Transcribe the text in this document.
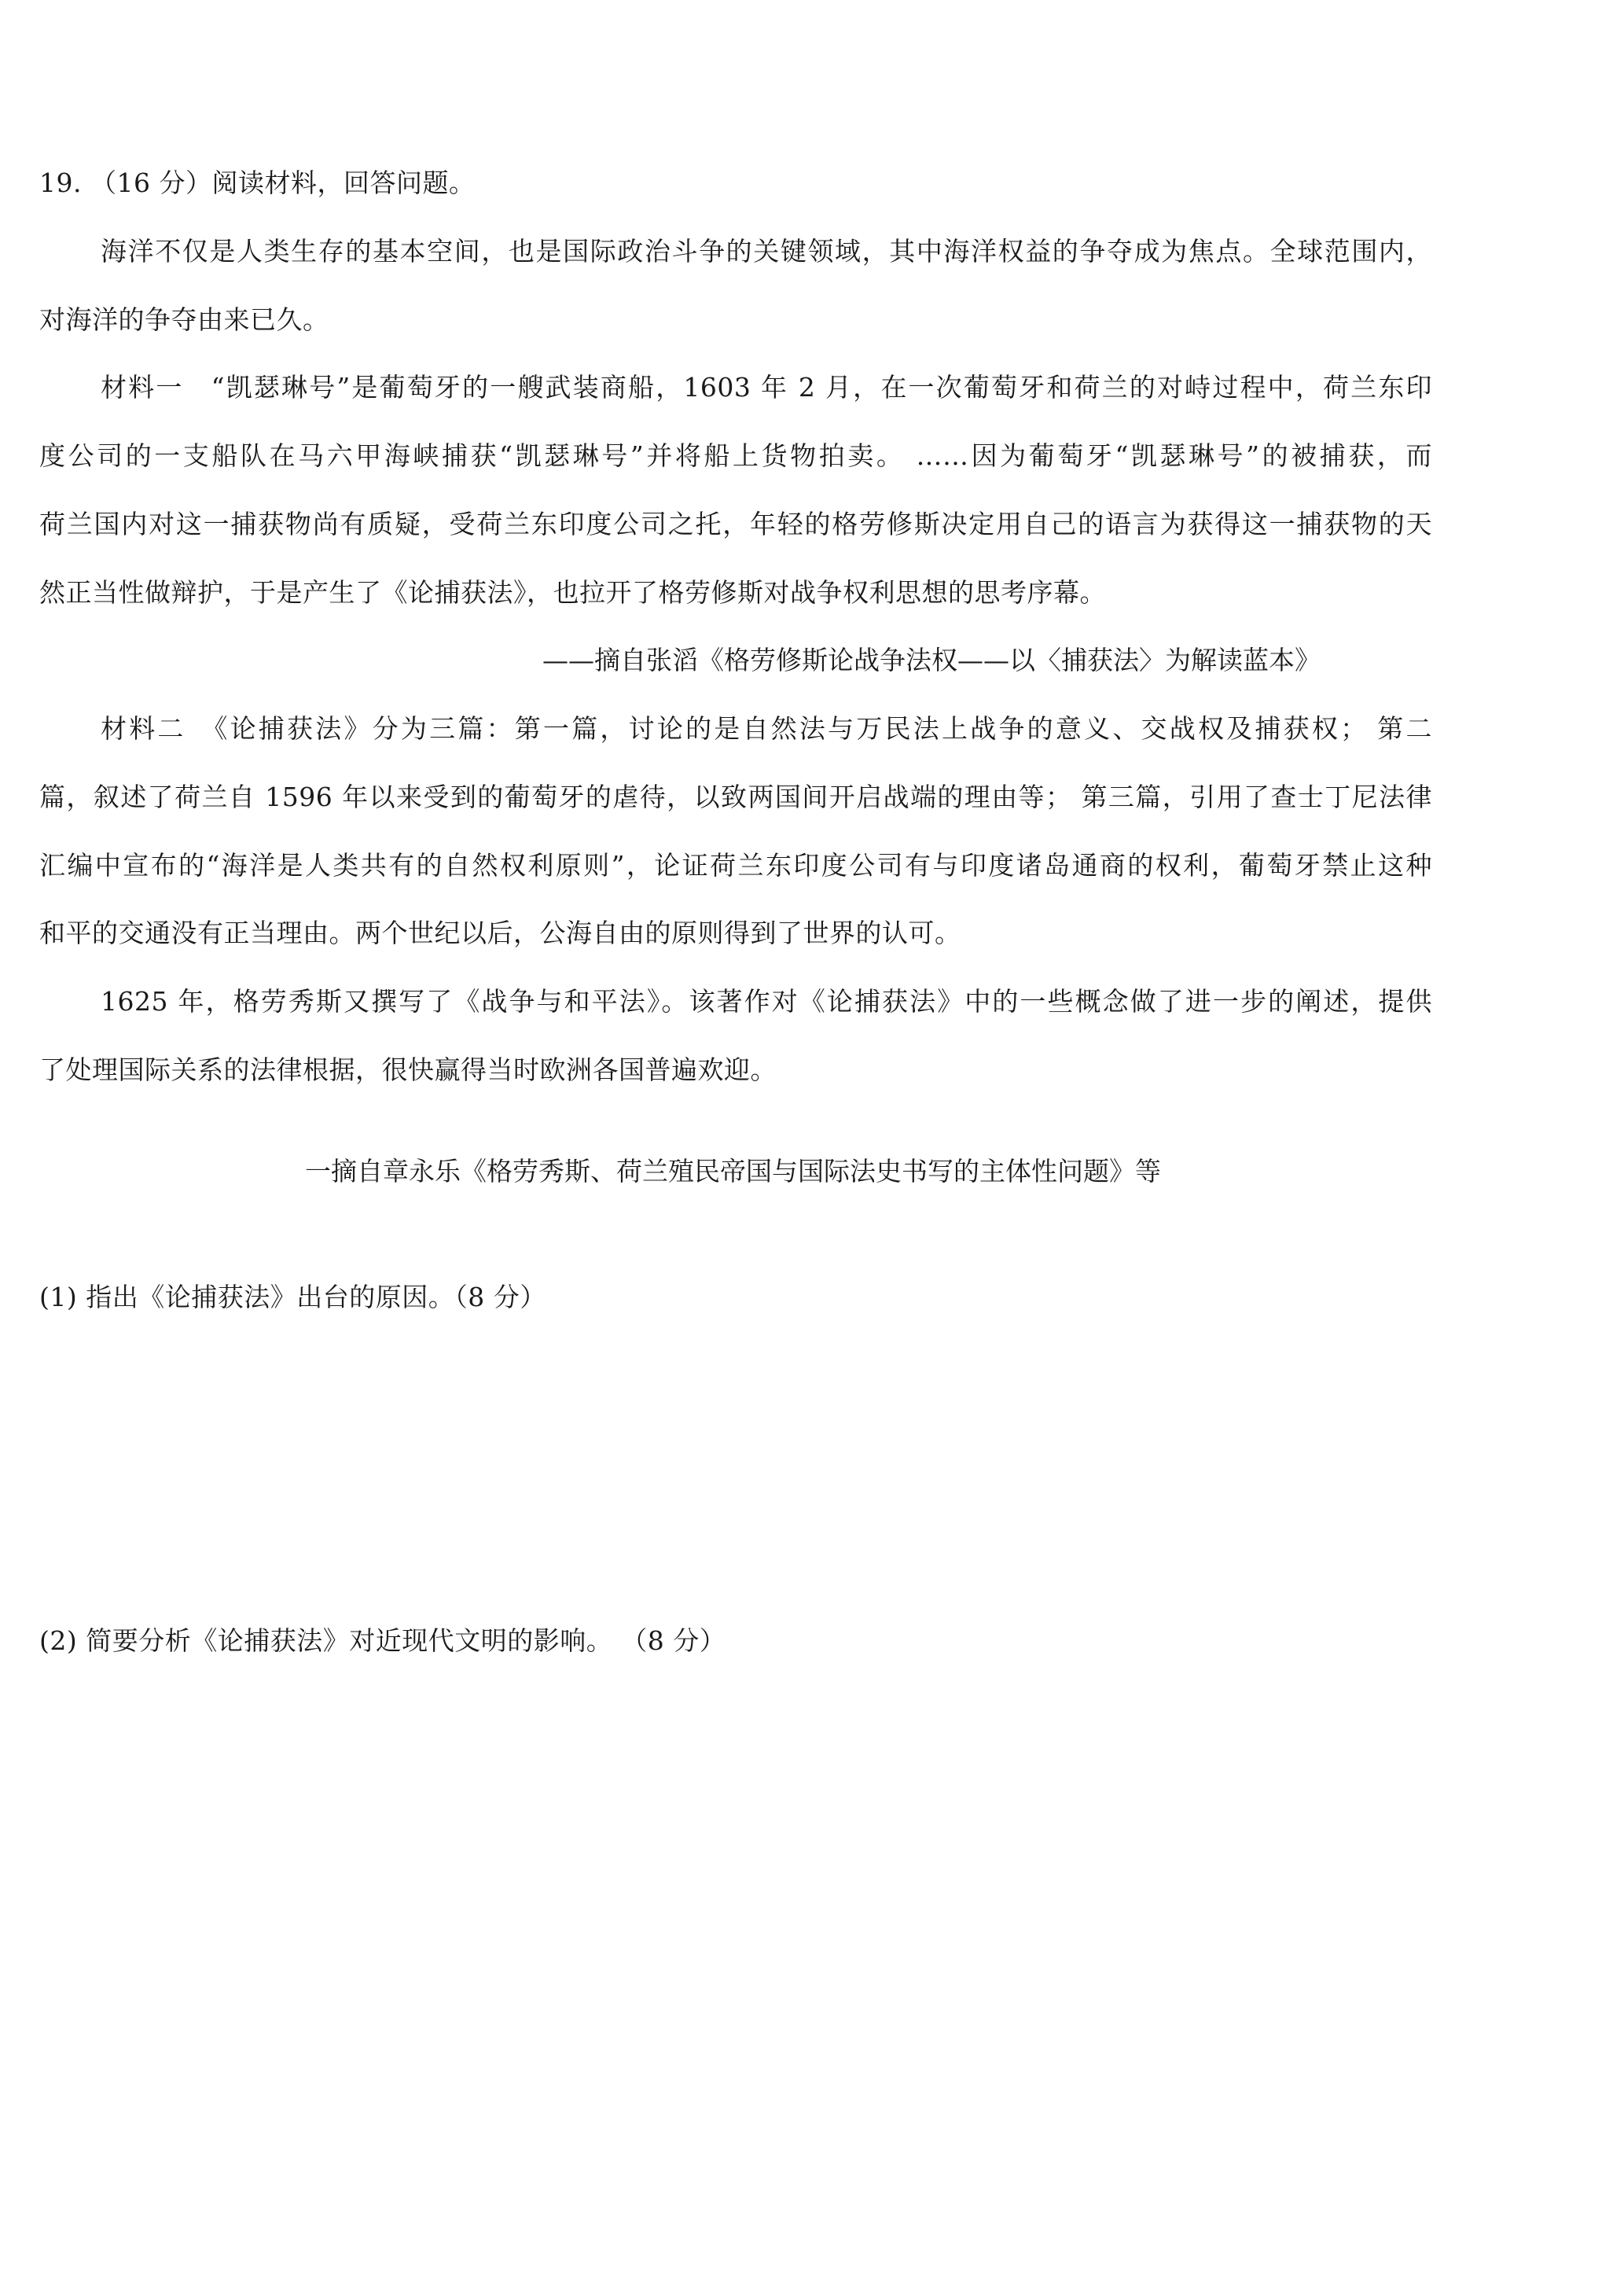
19. （16 分）阅读材料，回答问题。
海洋不仅是人类生存的基本空间，也是国际政治斗争的关键领域，其中海洋权益的争夺成为焦点。全球范围内，
对海洋的争夺由来已久。
材料一　“凯瑟琳号”是葡萄牙的一艘武装商船，1603 年 2 月，在一次葡萄牙和荷兰的对峙过程中，荷兰东印
度公司的一支船队在马六甲海峡捕获“凯瑟琳号”并将船上货物拍卖。 ……因为葡萄牙“凯瑟琳号”的被捕获，而
荷兰国内对这一捕获物尚有质疑，受荷兰东印度公司之托，年轻的格劳修斯决定用自己的语言为获得这一捕获物的天
然正当性做辩护，于是产生了《论捕获法》，也拉开了格劳修斯对战争权利思想的思考序幕。
——摘自张滔《格劳修斯论战争法权——以〈捕获法〉为解读蓝本》
材料二　《论捕获法》分为三篇：第一篇，讨论的是自然法与万民法上战争的意义、交战权及捕获权； 第二
篇，叙述了荷兰自 1596 年以来受到的葡萄牙的虐待，以致两国间开启战端的理由等； 第三篇，引用了查士丁尼法律
汇编中宣布的“海洋是人类共有的自然权利原则”，论证荷兰东印度公司有与印度诸岛通商的权利，葡萄牙禁止这种
和平的交通没有正当理由。两个世纪以后，公海自由的原则得到了世界的认可。
1625 年，格劳秀斯又撰写了《战争与和平法》。该著作对《论捕获法》中的一些概念做了进一步的阐述，提供
了处理国际关系的法律根据，很快赢得当时欧洲各国普遍欢迎。
一摘自章永乐《格劳秀斯、荷兰殖民帝国与国际法史书写的主体性问题》等
(1) 指出《论捕获法》出台的原因。（8 分）
(2) 简要分析《论捕获法》对近现代文明的影响。 （8 分）
